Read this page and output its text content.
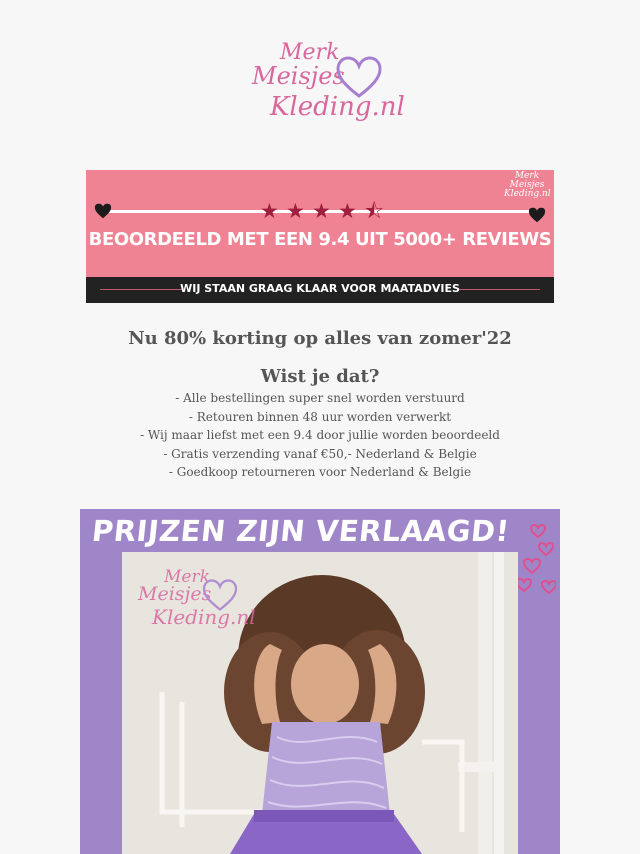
Merk
Meisjes
Kleding.nl
★ ★ ★ ★ ⯪
Merk
Meisjes
Kleding.nl
BEOORDEELD MET EEN 9.4 UIT 5000+ REVIEWS
WIJ STAAN GRAAG KLAAR VOOR MAATADVIES
Nu 80% korting op alles van zomer'22
Wist je dat?
- Alle bestellingen super snel worden verstuurd
- Retouren binnen 48 uur worden verwerkt
- Wij maar liefst met een 9.4 door jullie worden beoordeeld
- Gratis verzending vanaf €50,- Nederland & Belgie
- Goedkoop retourneren voor Nederland & Belgie
PRIJZEN ZIJN VERLAAGD!
Merk
Meisjes
Kleding.nl
